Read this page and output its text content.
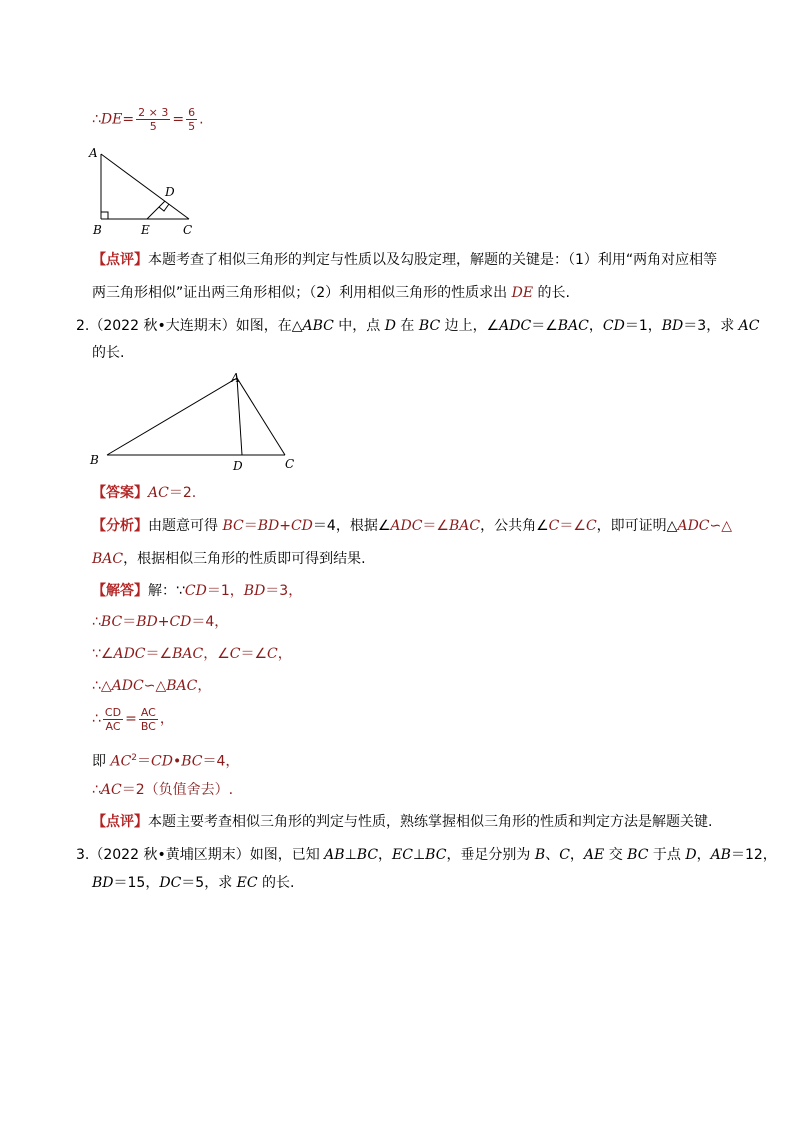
∴DE= $\frac{2 \times 3}{5} = \frac{6}{5}$ .
A
B	C
D
E
【点评】本题考查了相似三角形的判定与性质以及勾股定理，解题的关键是：（1）利用“两角对应相等
两三角形相似”证出两三角形相似；（2）利用相似三角形的性质求出 DE 的长.
2.（2022 秋•大连期末）如图，在△ABC 中，点 D 在 BC 边上，∠ADC＝∠BAC，CD＝1，BD＝3，求 AC
的长.
A
B	C
D
【答案】AC＝2.
【分析】由题意可得 BC＝BD+CD＝4，根据∠ADC＝∠BAC，公共角∠C＝∠C，即可证明△ADC∽△
BAC，根据相似三角形的性质即可得到结果.
【解答】解：∵CD＝1，BD＝3，
∴BC＝BD+CD＝4，
∵∠ADC＝∠BAC，∠C＝∠C，
∴△ADC∽△BAC，
∴ $\frac{CD}{AC} = \frac{AC}{BC}$ ，
即 $AC^2=CD•BC=4$，
∴AC＝2（负值舍去）.
【点评】本题主要考查相似三角形的判定与性质，熟练掌握相似三角形的性质和判定方法是解题关键.
3.（2022 秋•黄埔区期末）如图，已知 AB⊥BC，EC⊥BC，垂足分别为 B、C，AE 交 BC 于点 D，AB＝12，
BD＝15，DC＝5，求 EC 的长.
